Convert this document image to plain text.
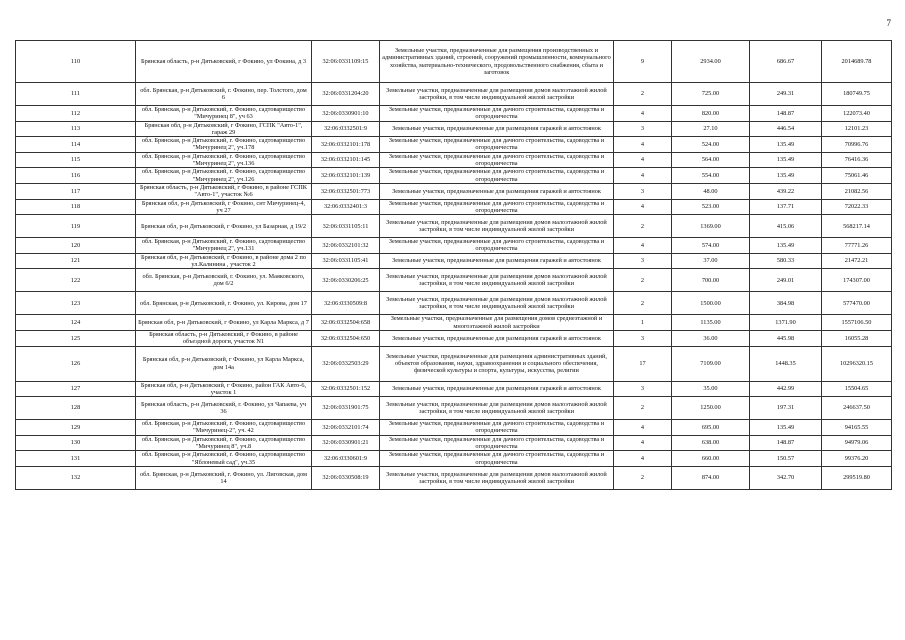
7
110	Брянская область, р-н Дятьковский, г Фокино, ул Фокина, д 3	32:06:0331109:15	Земельные участки, предназначенные для размещения производственных и административных зданий, строений, сооружений промышленности, коммунального хозяйства, материально-технического, продовольственного снабжения, сбыта и заготовок	9	2934.00	686.67	2014689.78
111	обл. Брянская, р-н Дятьковский, г. Фокино, пер. Толстого, дом 6	32:06:0331204:20	Земельные участки, предназначенные для размещения домов малоэтажной жилой застройки, в том числе индивидуальной жилой застройки	2	725.00	249.31	180749.75
112	обл. Брянская, р-н Дятьковский, г. Фокино, садтоварищество "Мичуринец 8", уч 63	32:06:0330901:10	Земельные участки, предназначенные для дачного строительства, садоводства и огородничества	4	820.00	148.87	122073.40
113	Брянская обл, р-н Дятьковский, г Фокино, ГСПК "Авто-1", гараж 29	32:06:0332501:9	Земельные участки, предназначенные для размещения гаражей и автостоянок	3	27.10	446.54	12101.23
114	обл. Брянская, р-н Дятьковский, г. Фокино, садтоварищество "Мичуринец 2", уч.178	32:06:0332101:178	Земельные участки, предназначенные для дачного строительства, садоводства и огородничества	4	524.00	135.49	70996.76
115	обл. Брянская, р-н Дятьковский, г. Фокино, садтоварищество "Мичуринец 2", уч.136	32:06:0332101:145	Земельные участки, предназначенные для дачного строительства, садоводства и огородничества	4	564.00	135.49	76416.36
116	обл. Брянская, р-н Дятьковский, г. Фокино, садтоварищество "Мичуринец 2", уч.126	32:06:0332101:139	Земельные участки, предназначенные для дачного строительства, садоводства и огородничества	4	554.00	135.49	75061.46
117	Брянская область, р-н Дятьковский, г Фокино, в районе ГСПК "Авто-1", участок №6	32:06:0332501:773	Земельные участки, предназначенные для размещения гаражей и автостоянок	3	48.00	439.22	21082.56
118	Брянская обл, р-н Дятьковский, г Фокино, снт Мичуринец-4, уч 27	32:06:0332401:3	Земельные участки, предназначенные для дачного строительства, садоводства и огородничества	4	523.00	137.71	72022.33
119	Брянская обл, р-н Дятьковский, г Фокино, ул Базарная, д 19/2	32:06:0331105:11	Земельные участки, предназначенные для размещения домов малоэтажной жилой застройки, в том числе индивидуальной жилой застройки	2	1369.00	415.06	568217.14
120	обл. Брянская, р-н Дятьковский, г. Фокино, садтоварищество "Мичуринец 2", уч.131	32:06:0332101:32	Земельные участки, предназначенные для дачного строительства, садоводства и огородничества	4	574.00	135.49	77771.26
121	Брянская обл, р-н Дятьковский, г Фокино, в районе дома 2 по ул.Калинина , участок 2	32:06:0331105:41	Земельные участки, предназначенные для размещения гаражей и автостоянок	3	37.00	580.33	21472.21
122	обл. Брянская, р-н Дятьковский, г. Фокино, ул. Маяковского, дом 6/2	32:06:0330206:25	Земельные участки, предназначенные для размещения домов малоэтажной жилой застройки, в том числе индивидуальной жилой застройки	2	700.00	249.01	174307.00
123	обл. Брянская, р-н Дятьковский, г. Фокино, ул. Кирова, дом 17	32:06:0330509:8	Земельные участки, предназначенные для размещения домов малоэтажной жилой застройки, в том числе индивидуальной жилой застройки	2	1500.00	384.98	577470.00
124	Брянская обл, р-н Дятьковский, г Фокино, ул Карла Маркса, д 7	32:06:0332504:658	Земельные участки, предназначенные для размещения домов среднеэтажной и многоэтажной жилой застройки	1	1135.00	1371.90	1557106.50
125	Брянская область, р-н Дятьковский, г Фокино, в районе объездной дороги, участок N1	32:06:0332504:650	Земельные участки, предназначенные для размещения гаражей и автостоянок	3	36.00	445.98	16055.28
126	Брянская обл, р-н Дятьковский, г Фокино, ул Карла Маркса, дом 14а	32:06:0332503:29	Земельные участки, предназначенные для размещения административных зданий, объектов образования, науки, здравоохранения и социального обеспечения, физической культуры и спорта, культуры, искусства, религии	17	7109.00	1448.35	10296320.15
127	Брянская обл, р-н Дятьковский, г Фокино, район ГАК Авто-6, участок 1	32:06:0332501:152	Земельные участки, предназначенные для размещения гаражей и автостоянок	3	35.00	442.99	15504.65
128	Брянская область, р-н Дятьковский, г. Фокино, ул Чапаева, уч 36	32:06:0331901:75	Земельные участки, предназначенные для размещения домов малоэтажной жилой застройки, в том числе индивидуальной жилой застройки	2	1250.00	197.31	246637.50
129	обл. Брянская, р-н Дятьковский, г. Фокино, садтоварищество "Мичуринец-2", уч. 42	32:06:0332101:74	Земельные участки, предназначенные для дачного строительства, садоводства и огородничества	4	695.00	135.49	94165.55
130	обл. Брянская, р-н Дятьковский, г. Фокино, садтоварищество "Мичуринец 8", уч.8	32:06:0330901:21	Земельные участки, предназначенные для дачного строительства, садоводства и огородничества	4	638.00	148.87	94979.06
131	обл. Брянская, р-н Дятьковский, г. Фокино, садтоварищество "Яблоневый сад", уч.35	32:06:0330601:9	Земельные участки, предназначенные для дачного строительства, садоводства и огородничества	4	660.00	150.57	99376.20
132	обл. Брянская, р-н Дятьковский, г. Фокино, ул. Лиговская, дом 14	32:06:0330508:19	Земельные участки, предназначенные для размещения домов малоэтажной жилой застройки, в том числе индивидуальной жилой застройки	2	874.00	342.70	299519.80
